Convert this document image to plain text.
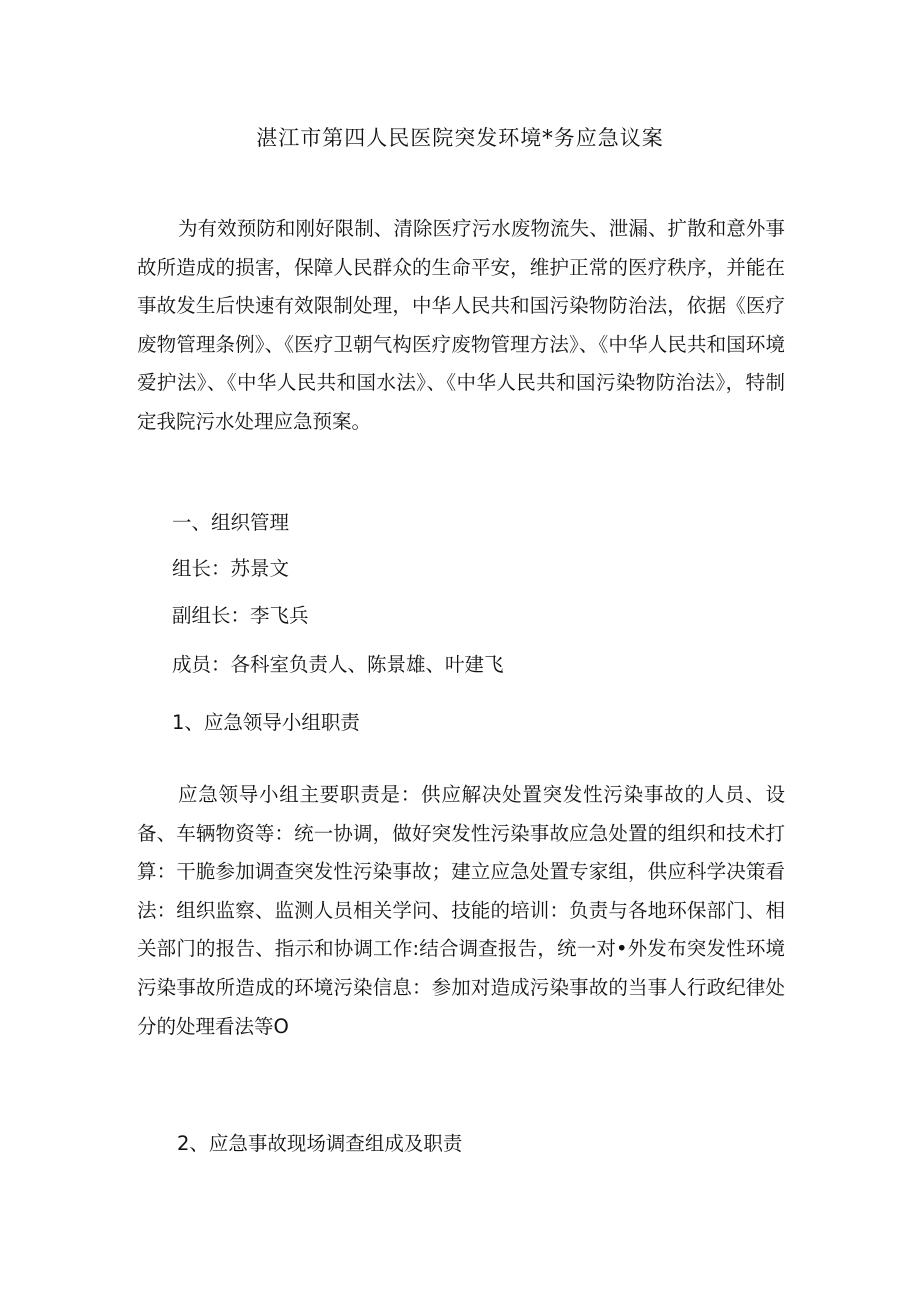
湛江市第四人民医院突发环境*务应急议案
为有效预防和刚好限制、清除医疗污水废物流失、泄漏、扩散和意外事故所造成的损害，保障人民群众的生命平安，维护正常的医疗秩序，并能在事故发生后快速有效限制处理，中华人民共和国污染物防治法，依据《医疗废物管理条例》、《医疗卫朝气构医疗废物管理方法》、《中华人民共和国环境爱护法》、《中华人民共和国水法》、《中华人民共和国污染物防治法》，特制定我院污水处理应急预案。
一、组织管理
组长：苏景文
副组长：李飞兵
成员：各科室负责人、陈景雄、叶建飞
1、应急领导小组职责
应急领导小组主要职责是：供应解决处置突发性污染事故的人员、设备、车辆物资等：统一协调，做好突发性污染事故应急处置的组织和技术打算：干脆参加调查突发性污染事故；建立应急处置专家组，供应科学决策看法：组织监察、监测人员相关学问、技能的培训：负责与各地环保部门、相关部门的报告、指示和协调工作:结合调查报告，统一对•外发布突发性环境污染事故所造成的环境污染信息：参加对造成污染事故的当事人行政纪律处分的处理看法等O
2、应急事故现场调查组成及职责
